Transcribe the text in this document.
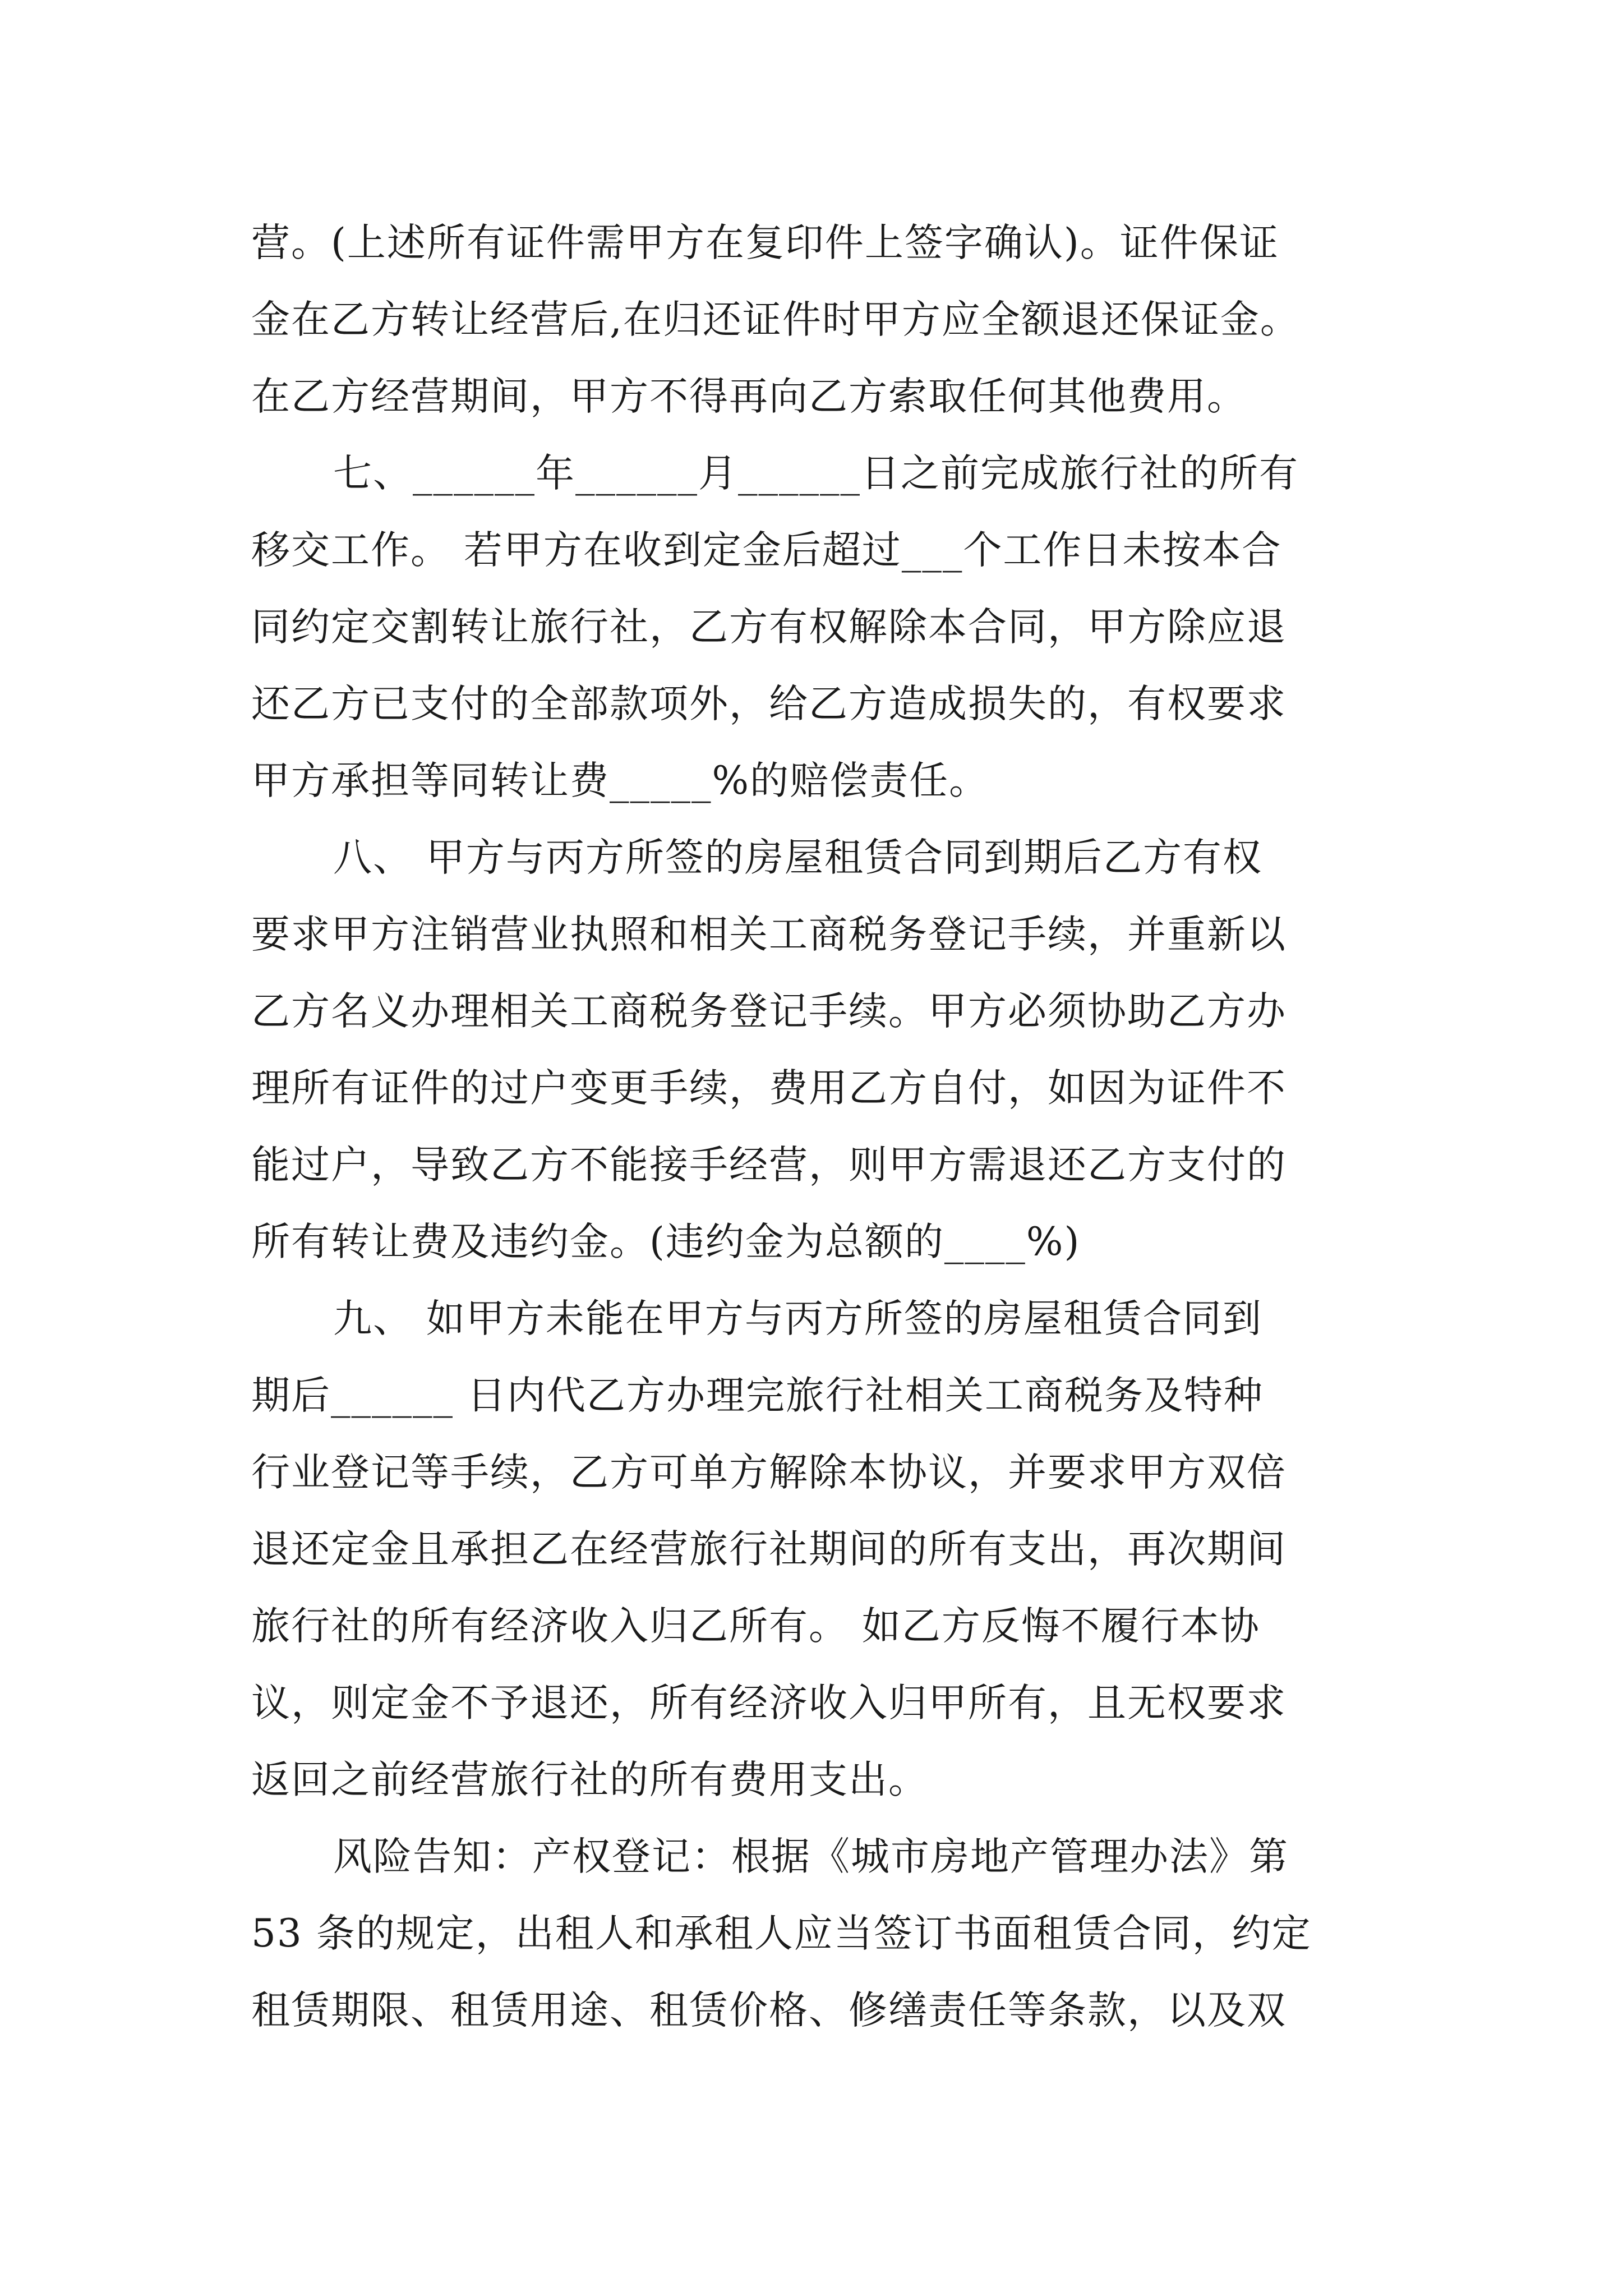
营。(上述所有证件需甲方在复印件上签字确认)。证件保证
金在乙方转让经营后,在归还证件时甲方应全额退还保证金。
在乙方经营期间，甲方不得再向乙方索取任何其他费用。
七、______年______月______日之前完成旅行社的所有
移交工作。 若甲方在收到定金后超过___个工作日未按本合
同约定交割转让旅行社，乙方有权解除本合同，甲方除应退
还乙方已支付的全部款项外，给乙方造成损失的，有权要求
甲方承担等同转让费_____%的赔偿责任。
八、 甲方与丙方所签的房屋租赁合同到期后乙方有权
要求甲方注销营业执照和相关工商税务登记手续，并重新以
乙方名义办理相关工商税务登记手续。甲方必须协助乙方办
理所有证件的过户变更手续，费用乙方自付，如因为证件不
能过户，导致乙方不能接手经营，则甲方需退还乙方支付的
所有转让费及违约金。(违约金为总额的____%)
九、 如甲方未能在甲方与丙方所签的房屋租赁合同到
期后______ 日内代乙方办理完旅行社相关工商税务及特种
行业登记等手续，乙方可单方解除本协议，并要求甲方双倍
退还定金且承担乙在经营旅行社期间的所有支出，再次期间
旅行社的所有经济收入归乙所有。 如乙方反悔不履行本协
议，则定金不予退还，所有经济收入归甲所有，且无权要求
返回之前经营旅行社的所有费用支出。
风险告知：产权登记：根据《城市房地产管理办法》第
53 条的规定，出租人和承租人应当签订书面租赁合同，约定
租赁期限、租赁用途、租赁价格、修缮责任等条款，以及双
